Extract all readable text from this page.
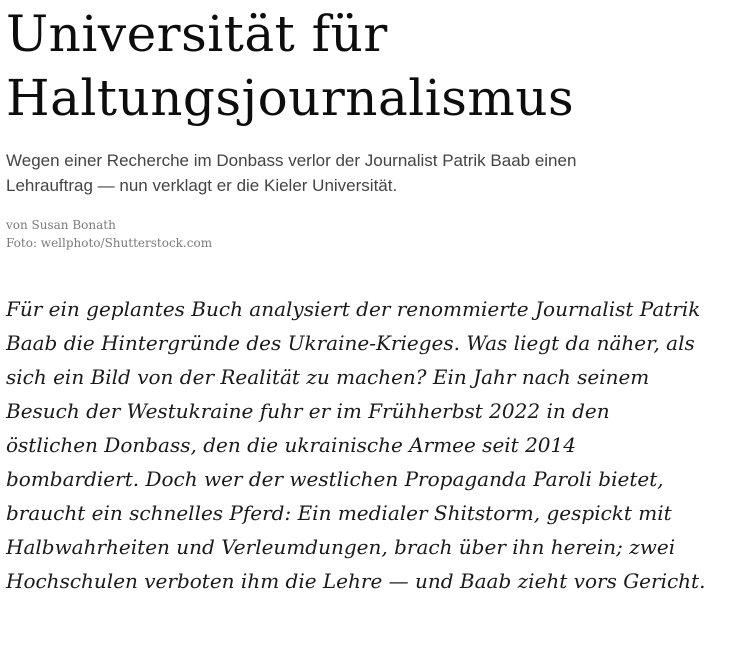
Universität für
Haltungsjournalismus

Wegen einer Recherche im Donbass verlor der Journalist Patrik Baab einen Lehrauftrag — nun verklagt er die Kieler Universität.

von Susan Bonath
Foto: wellphoto/Shutterstock.com

Für ein geplantes Buch analysiert der renommierte Journalist Patrik Baab die Hintergründe des Ukraine-Krieges. Was liegt da näher, als sich ein Bild von der Realität zu machen? Ein Jahr nach seinem Besuch der Westukraine fuhr er im Frühherbst 2022 in den östlichen Donbass, den die ukrainische Armee seit 2014 bombardiert. Doch wer der westlichen Propaganda Paroli bietet, braucht ein schnelles Pferd: Ein medialer Shitstorm, gespickt mit Halbwahrheiten und Verleumdungen, brach über ihn herein; zwei Hochschulen verboten ihm die Lehre — und Baab zieht vors Gericht.
